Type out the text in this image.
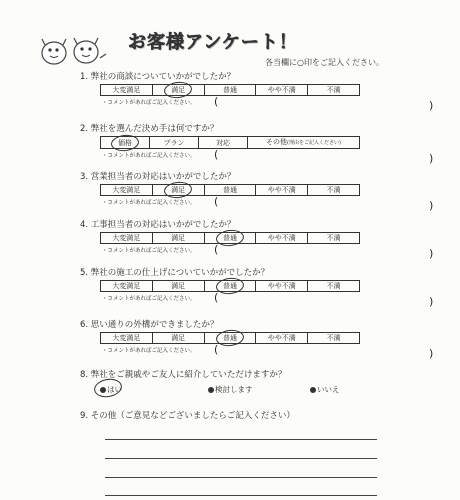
お客様アンケート！
各当欄に○印をご記入ください。
1. 弊社の商談についていかがでしたか？
大変満足	満足	普通	やや不満	不満
・コメントがあればご記入ください。 (	)
2. 弊社を選んだ決め手は何ですか？
価格	プラン	対応	その他(理由をご記入ください)
・コメントがあればご記入ください。 (	)
3. 営業担当者の対応はいかがでしたか？
大変満足	満足	普通	やや不満	不満
・コメントがあればご記入ください。 (	)
4. 工事担当者の対応はいかがでしたか？
大変満足	満足	普通	やや不満	不満
・コメントがあればご記入ください。 (	)
5. 弊社の施工の仕上げについていかがでしたか？
大変満足	満足	普通	やや不満	不満
・コメントがあればご記入ください。 (	)
6. 思い通りの外構ができましたか？
大変満足	満足	普通	やや不満	不満
・コメントがあればご記入ください。 (	)
8. 弊社をご親戚やご友人に紹介していただけますか？
はい	検討します	いいえ
9. その他（ご意見などございましたらご記入ください）
